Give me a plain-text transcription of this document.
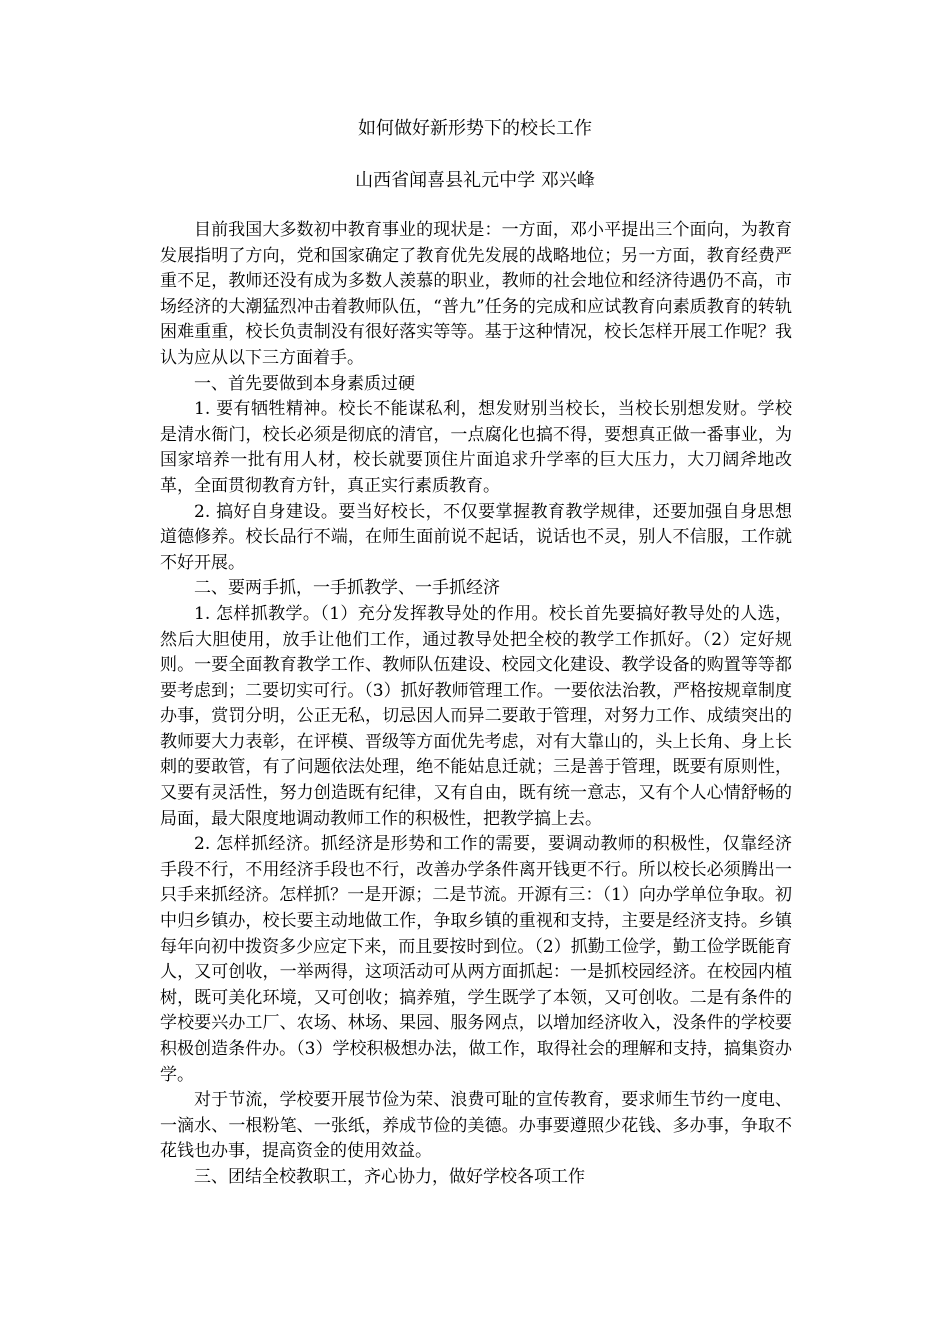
如何做好新形势下的校长工作
山西省闻喜县礼元中学 邓兴峰

目前我国大多数初中教育事业的现状是：一方面，邓小平提出三个面向，为教育发展指明了方向，党和国家确定了教育优先发展的战略地位；另一方面，教育经费严重不足，教师还没有成为多数人羡慕的职业，教师的社会地位和经济待遇仍不高，市场经济的大潮猛烈冲击着教师队伍，“普九”任务的完成和应试教育向素质教育的转轨困难重重，校长负责制没有很好落实等等。基于这种情况，校长怎样开展工作呢？我认为应从以下三方面着手。

一、首先要做到本身素质过硬

1. 要有牺牲精神。校长不能谋私利，想发财别当校长，当校长别想发财。学校是清水衙门，校长必须是彻底的清官，一点腐化也搞不得，要想真正做一番事业，为国家培养一批有用人材，校长就要顶住片面追求升学率的巨大压力，大刀阔斧地改革，全面贯彻教育方针，真正实行素质教育。

2. 搞好自身建设。要当好校长，不仅要掌握教育教学规律，还要加强自身思想道德修养。校长品行不端，在师生面前说不起话，说话也不灵，别人不信服，工作就不好开展。

二、要两手抓，一手抓教学、一手抓经济

1. 怎样抓教学。（1）充分发挥教导处的作用。校长首先要搞好教导处的人选，然后大胆使用，放手让他们工作，通过教导处把全校的教学工作抓好。（2）定好规则。一要全面教育教学工作、教师队伍建设、校园文化建设、教学设备的购置等等都要考虑到；二要切实可行。（3）抓好教师管理工作。一要依法治教，严格按规章制度办事，赏罚分明，公正无私，切忌因人而异二要敢于管理，对努力工作、成绩突出的教师要大力表彰，在评模、晋级等方面优先考虑，对有大靠山的，头上长角、身上长刺的要敢管，有了问题依法处理，绝不能姑息迁就；三是善于管理，既要有原则性，又要有灵活性，努力创造既有纪律，又有自由，既有统一意志，又有个人心情舒畅的局面，最大限度地调动教师工作的积极性，把教学搞上去。

2. 怎样抓经济。抓经济是形势和工作的需要，要调动教师的积极性，仅靠经济手段不行，不用经济手段也不行，改善办学条件离开钱更不行。所以校长必须腾出一只手来抓经济。怎样抓？一是开源；二是节流。开源有三：（1）向办学单位争取。初中归乡镇办，校长要主动地做工作，争取乡镇的重视和支持，主要是经济支持。乡镇每年向初中拨资多少应定下来，而且要按时到位。（2）抓勤工俭学，勤工俭学既能育人，又可创收，一举两得，这项活动可从两方面抓起：一是抓校园经济。在校园内植树，既可美化环境，又可创收；搞养殖，学生既学了本领，又可创收。二是有条件的学校要兴办工厂、农场、林场、果园、服务网点，以增加经济收入，没条件的学校要积极创造条件办。（3）学校积极想办法，做工作，取得社会的理解和支持，搞集资办学。

对于节流，学校要开展节俭为荣、浪费可耻的宣传教育，要求师生节约一度电、一滴水、一根粉笔、一张纸，养成节俭的美德。办事要遵照少花钱、多办事，争取不花钱也办事，提高资金的使用效益。

三、团结全校教职工，齐心协力，做好学校各项工作
